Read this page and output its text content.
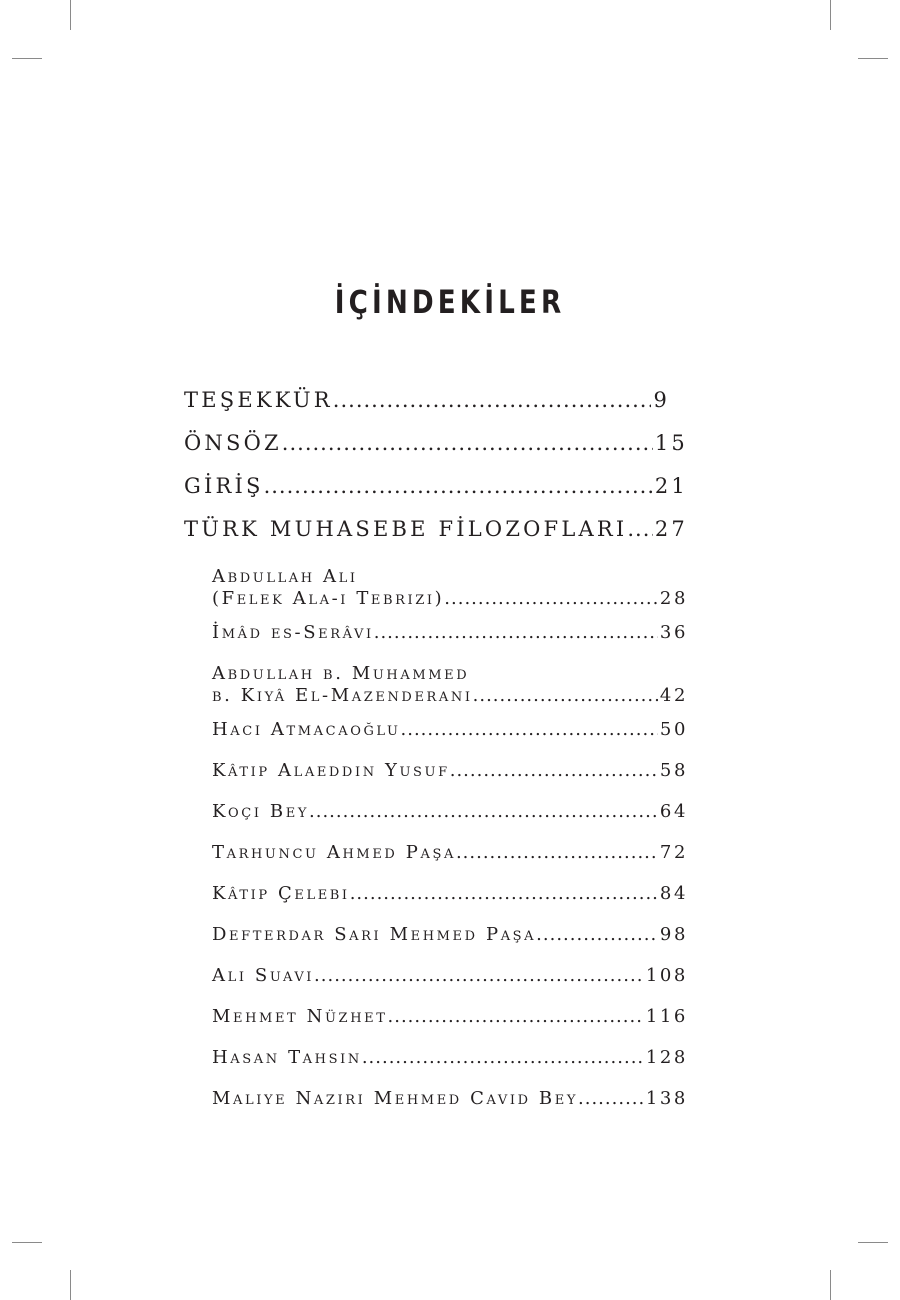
İÇİNDEKİLER
TEŞEKKÜR .....	9
ÖNSÖZ .....	15
GİRİŞ .....	21
TÜRK MUHASEBE FİLOZOFLARI ..... 27
Abdullah Ali
(Felek Ala-i Tebrizi) .....	28
İmâd es-Serâvi .....	36
Abdullah b. Muhammed
b. Kiyâ El-Mazenderani .....	42
Hacı Atmacaoğlu .....	50
Kâtip Alaeddin Yusuf .....	58
Koçi Bey .....	64
Tarhuncu Ahmed Paşa .....	72
Kâtip Çelebi .....	84
Defterdar Sarı Mehmed Paşa .....	98
Ali Suavi .....	108
Mehmet Nüzhet .....	116
Hasan Tahsin .....	128
Maliye Nazırı Mehmed Cavid Bey .....	138
